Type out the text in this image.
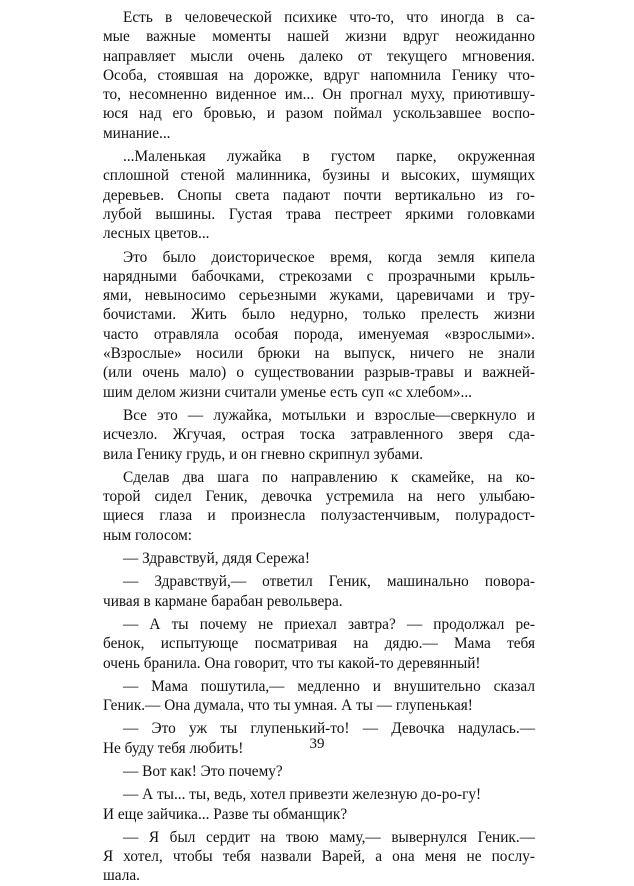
Есть в человеческой психике что-то, что иногда в са-
мые важные моменты нашей жизни вдруг неожиданно
направляет мысли очень далеко от текущего мгновения.
Особа, стоявшая на дорожке, вдруг напомнила Генику что-
то, несомненно виденное им... Он прогнал муху, приютившу-
юся над его бровью, и разом поймал ускользавшее воспо-
минание...
...Маленькая лужайка в густом парке, окруженная
сплошной стеной малинника, бузины и высоких, шумящих
деревьев. Снопы света падают почти вертикально из го-
лубой вышины. Густая трава пестреет яркими головками
лесных цветов...
Это было доисторическое время, когда земля кипела
нарядными бабочками, стрекозами с прозрачными крыль-
ями, невыносимо серьезными жуками, царевичами и тру-
бочистами. Жить было недурно, только прелесть жизни
часто отравляла особая порода, именуемая «взрослыми».
«Взрослые» носили брюки на выпуск, ничего не знали
(или очень мало) о существовании разрыв-травы и важней-
шим делом жизни считали уменье есть суп «с хлебом»...
Все это — лужайка, мотыльки и взрослые—сверкнуло и
исчезло. Жгучая, острая тоска затравленного зверя сда-
вила Генику грудь, и он гневно скрипнул зубами.
Сделав два шага по направлению к скамейке, на ко-
торой сидел Геник, девочка устремила на него улыбаю-
щиеся глаза и произнесла полузастенчивым, полурадост-
ным голосом:
— Здравствуй, дядя Сережа!
— Здравствуй,— ответил Геник, машинально повора-
чивая в кармане барабан револьвера.
— А ты почему не приехал завтра? — продолжал ре-
бенок, испытующе посматривая на дядю.— Мама тебя
очень бранила. Она говорит, что ты какой-то деревянный!
— Мама пошутила,— медленно и внушительно сказал
Геник.— Она думала, что ты умная. А ты — глупенькая!
— Это уж ты глупенький-то! — Девочка надулась.—
Не буду тебя любить!
— Вот как! Это почему?
— А ты... ты, ведь, хотел привезти железную до-ро-гу!
И еще зайчика... Разве ты обманщик?
— Я был сердит на твою маму,— вывернулся Геник.—
Я хотел, чтобы тебя назвали Варей, а она меня не послу-
шала.
39
